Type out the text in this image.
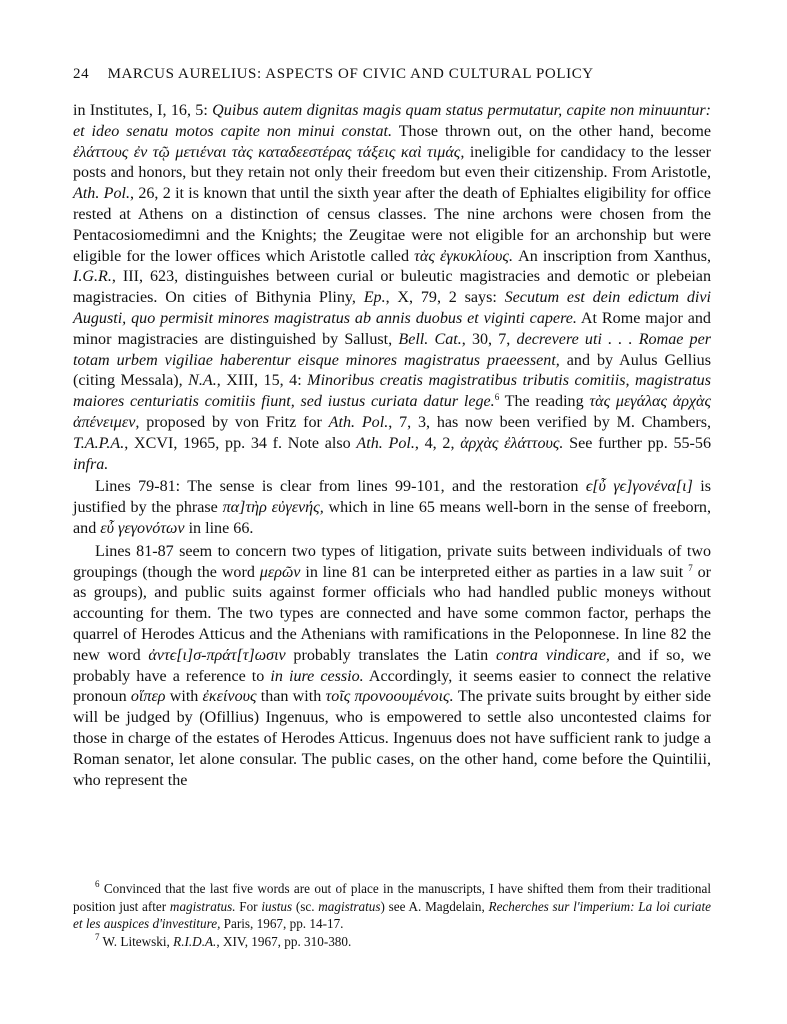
24 MARCUS AURELIUS: ASPECTS OF CIVIC AND CULTURAL POLICY

in Institutes, I, 16, 5: Quibus autem dignitas magis quam status permutatur, capite non minuuntur: et ideo senatu motos capite non minui constat. Those thrown out, on the other hand, become ἐλάττους ἐν τῷ μετιέναι τὰς καταδεεστέρας τάξεις καὶ τιμάς, ineligible for candidacy to the lesser posts and honors, but they retain not only their freedom but even their citizenship. From Aristotle, Ath. Pol., 26, 2 it is known that until the sixth year after the death of Ephialtes eligibility for office rested at Athens on a distinction of census classes. The nine archons were chosen from the Pentacosiomedimni and the Knights; the Zeugitae were not eligible for an archonship but were eligible for the lower offices which Aristotle called τὰς ἐγκυκλίους. An inscription from Xanthus, I.G.R., III, 623, distinguishes between curial or buleutic magistracies and demotic or plebeian magistracies. On cities of Bithynia Pliny, Ep., X, 79, 2 says: Secutum est dein edictum divi Augusti, quo permisit minores magistratus ab annis duobus et viginti capere. At Rome major and minor magistracies are distinguished by Sallust, Bell. Cat., 30, 7, decrevere uti . . . Romae per totam urbem vigiliae haberentur eisque minores magistratus praeessent, and by Aulus Gellius (citing Messala), N.A., XIII, 15, 4: Minoribus creatis magistratibus tributis comitiis, magistratus maiores centuriatis comitiis fiunt, sed iustus curiata datur lege.$^6$ The reading τὰς μεγάλας ἀρχὰς ἀπένειμεν, proposed by von Fritz for Ath. Pol., 7, 3, has now been verified by M. Chambers, T.A.P.A., XCVI, 1965, pp. 34 f. Note also Ath. Pol., 4, 2, ἀρχὰς ἐλάττους. See further pp. 55-56 infra.

Lines 79-81: The sense is clear from lines 99-101, and the restoration ϵ[ὖ γϵ]γονένα[ι] is justified by the phrase πα]τὴρ εὐγενής, which in line 65 means well-born in the sense of freeborn, and εὖ γεγονότων in line 66.

Lines 81-87 seem to concern two types of litigation, private suits between individuals of two groupings (though the word μερῶν in line 81 can be interpreted either as parties in a law suit $^7$ or as groups), and public suits against former officials who had handled public moneys without accounting for them. The two types are connected and have some common factor, perhaps the quarrel of Herodes Atticus and the Athenians with ramifications in the Peloponnese. In line 82 the new word ἀντϵ[ι]σ-πράτ[τ]ωσιν probably translates the Latin contra vindicare, and if so, we probably have a reference to in iure cessio. Accordingly, it seems easier to connect the relative pronoun οἵπερ with ἐκείνους than with τοῖς προνοουμένοις. The private suits brought by either side will be judged by (Ofillius) Ingenuus, who is empowered to settle also uncontested claims for those in charge of the estates of Herodes Atticus. Ingenuus does not have sufficient rank to judge a Roman senator, let alone consular. The public cases, on the other hand, come before the Quintilii, who represent the

$^6$ Convinced that the last five words are out of place in the manuscripts, I have shifted them from their traditional position just after magistratus. For iustus (sc. magistratus) see A. Magdelain, Recherches sur l'imperium: La loi curiate et les auspices d'investiture, Paris, 1967, pp. 14-17.

$^7$ W. Litewski, R.I.D.A., XIV, 1967, pp. 310-380.
